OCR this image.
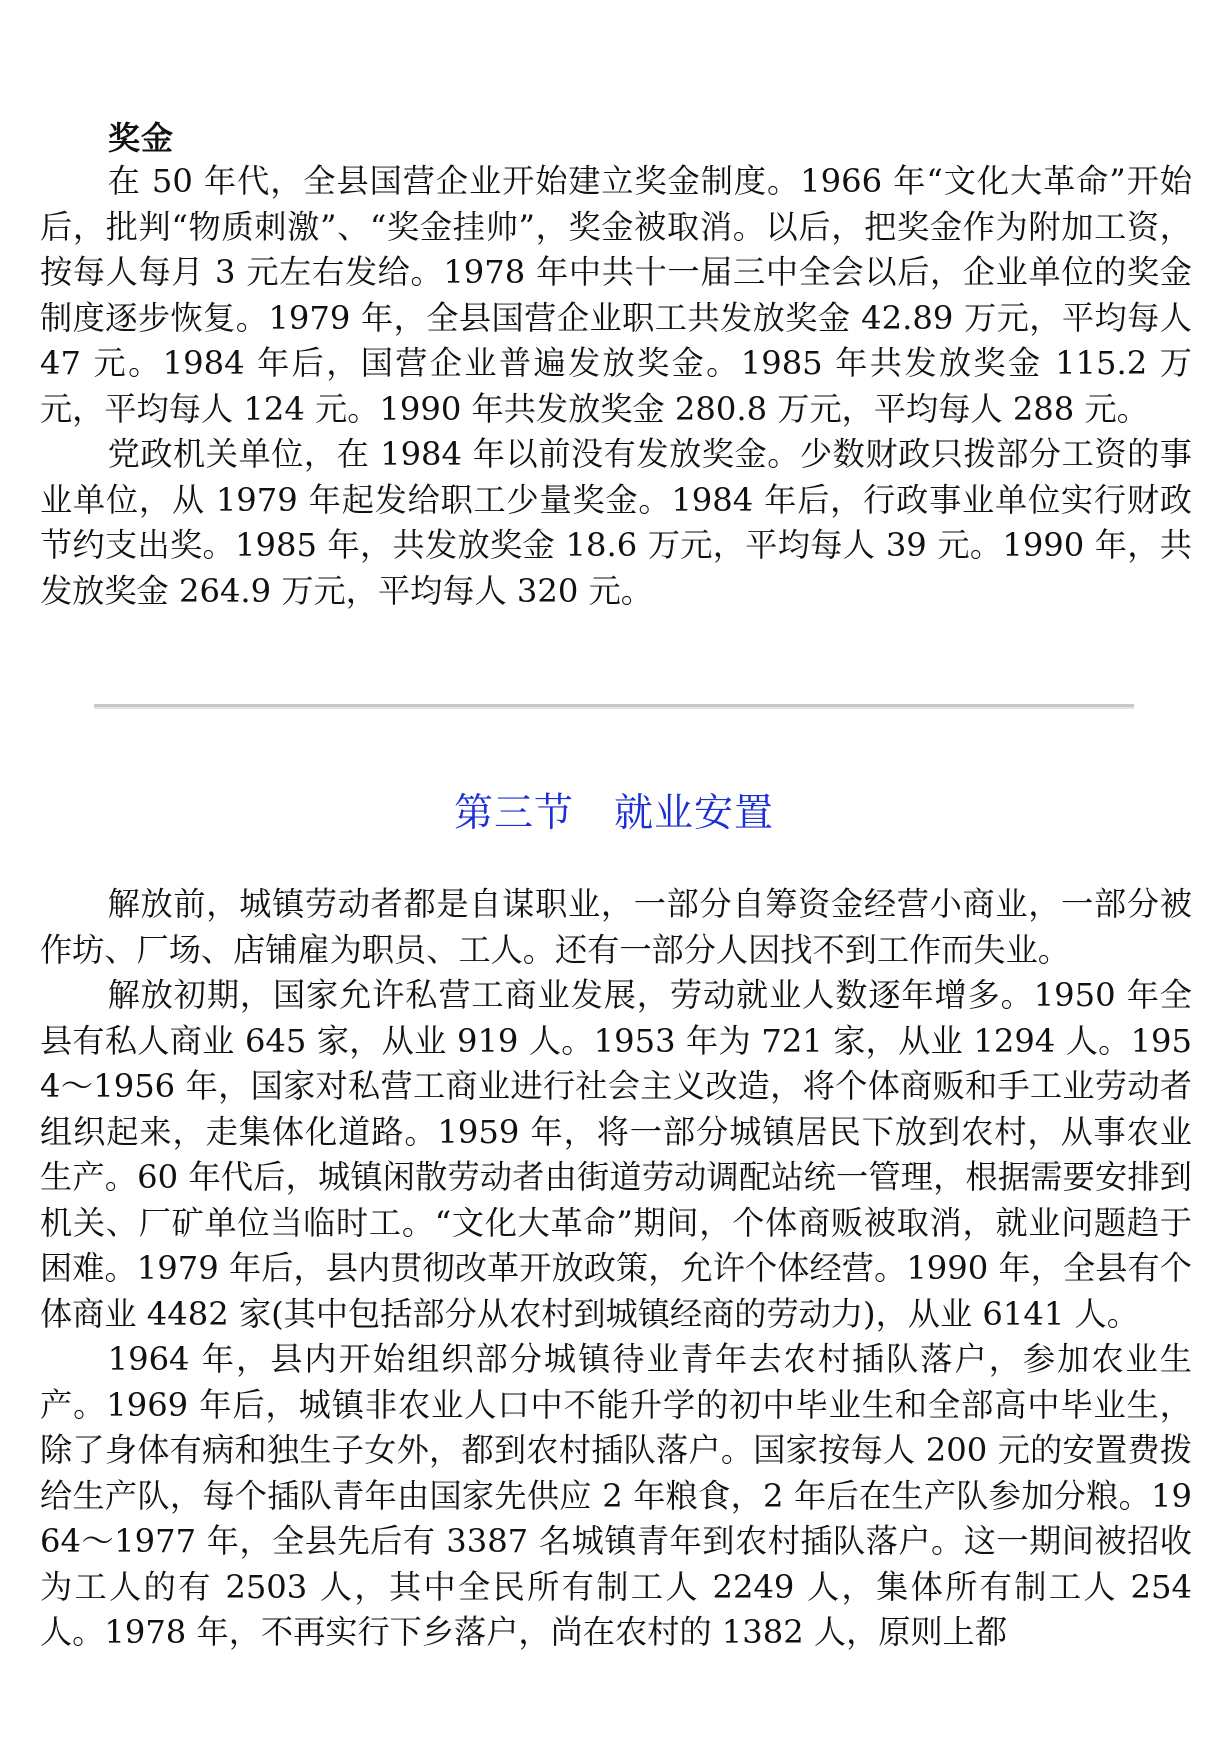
奖金

在 50 年代，全县国营企业开始建立奖金制度。1966 年“文化大革命”开始后，批判“物质刺激”、“奖金挂帅”，奖金被取消。以后，把奖金作为附加工资，按每人每月 3 元左右发给。1978 年中共十一届三中全会以后，企业单位的奖金制度逐步恢复。1979 年，全县国营企业职工共发放奖金 42.89 万元，平均每人 47 元。1984 年后，国营企业普遍发放奖金。1985 年共发放奖金 115.2 万元，平均每人 124 元。1990 年共发放奖金 280.8 万元，平均每人 288 元。

党政机关单位，在 1984 年以前没有发放奖金。少数财政只拨部分工资的事业单位，从 1979 年起发给职工少量奖金。1984 年后，行政事业单位实行财政节约支出奖。1985 年，共发放奖金 18.6 万元，平均每人 39 元。1990 年，共发放奖金 264.9 万元，平均每人 320 元。

第三节 就业安置

解放前，城镇劳动者都是自谋职业，一部分自筹资金经营小商业，一部分被作坊、厂场、店铺雇为职员、工人。还有一部分人因找不到工作而失业。

解放初期，国家允许私营工商业发展，劳动就业人数逐年增多。1950 年全县有私人商业 645 家，从业 919 人。1953 年为 721 家，从业 1294 人。1954～1956 年，国家对私营工商业进行社会主义改造，将个体商贩和手工业劳动者组织起来，走集体化道路。1959 年，将一部分城镇居民下放到农村，从事农业生产。60 年代后，城镇闲散劳动者由街道劳动调配站统一管理，根据需要安排到机关、厂矿单位当临时工。“文化大革命”期间，个体商贩被取消，就业问题趋于困难。1979 年后，县内贯彻改革开放政策，允许个体经营。1990 年，全县有个体商业 4482 家(其中包括部分从农村到城镇经商的劳动力)，从业 6141 人。

1964 年，县内开始组织部分城镇待业青年去农村插队落户，参加农业生产。1969 年后，城镇非农业人口中不能升学的初中毕业生和全部高中毕业生，除了身体有病和独生子女外，都到农村插队落户。国家按每人 200 元的安置费拨给生产队，每个插队青年由国家先供应 2 年粮食，2 年后在生产队参加分粮。1964～1977 年，全县先后有 3387 名城镇青年到农村插队落户。这一期间被招收为工人的有 2503 人，其中全民所有制工人 2249 人，集体所有制工人 254 人。1978 年，不再实行下乡落户，尚在农村的 1382 人，原则上都
